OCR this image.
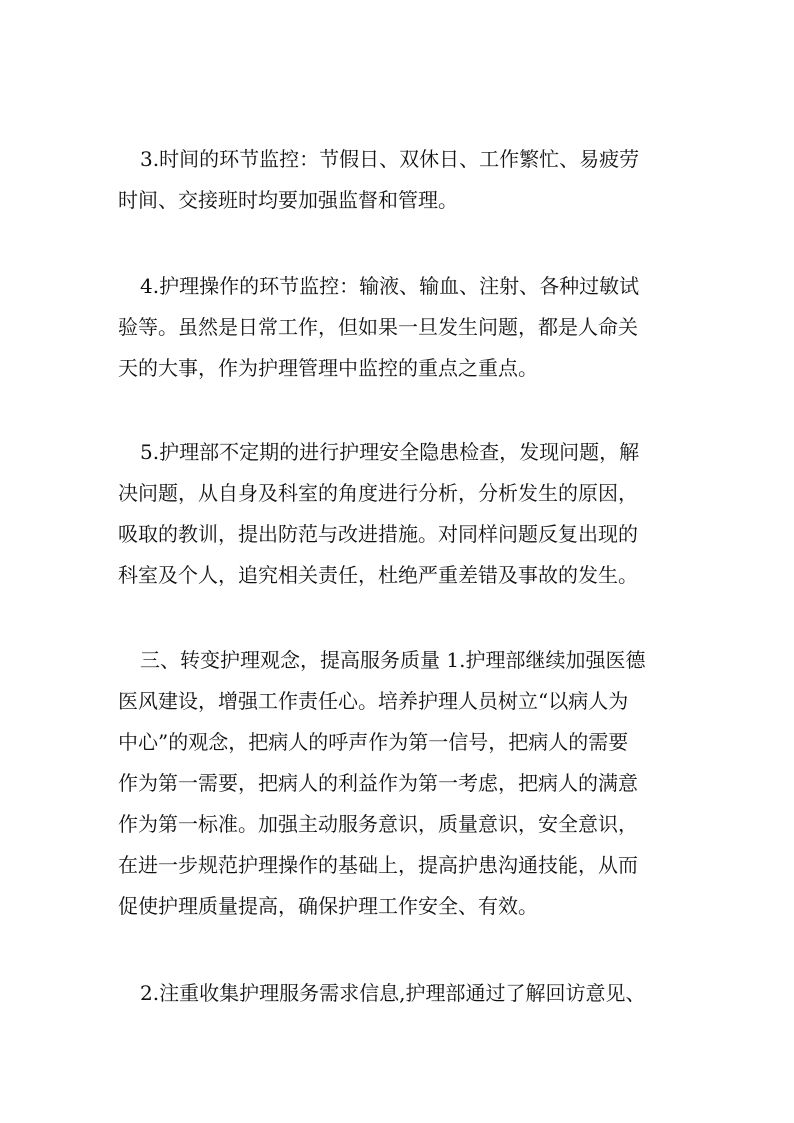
3.时间的环节监控：节假日、双休日、工作繁忙、易疲劳
时间、交接班时均要加强监督和管理。
4.护理操作的环节监控：输液、输血、注射、各种过敏试
验等。虽然是日常工作，但如果一旦发生问题，都是人命关
天的大事，作为护理管理中监控的重点之重点。
5.护理部不定期的进行护理安全隐患检查，发现问题，解
决问题，从自身及科室的角度进行分析，分析发生的原因，
吸取的教训，提出防范与改进措施。对同样问题反复出现的
科室及个人，追究相关责任，杜绝严重差错及事故的发生。
三、转变护理观念，提高服务质量 1.护理部继续加强医德
医风建设，增强工作责任心。培养护理人员树立“以病人为
中心”的观念，把病人的呼声作为第一信号，把病人的需要
作为第一需要，把病人的利益作为第一考虑，把病人的满意
作为第一标准。加强主动服务意识，质量意识，安全意识，
在进一步规范护理操作的基础上，提高护患沟通技能，从而
促使护理质量提高，确保护理工作安全、有效。
2.注重收集护理服务需求信息,护理部通过了解回访意见、
